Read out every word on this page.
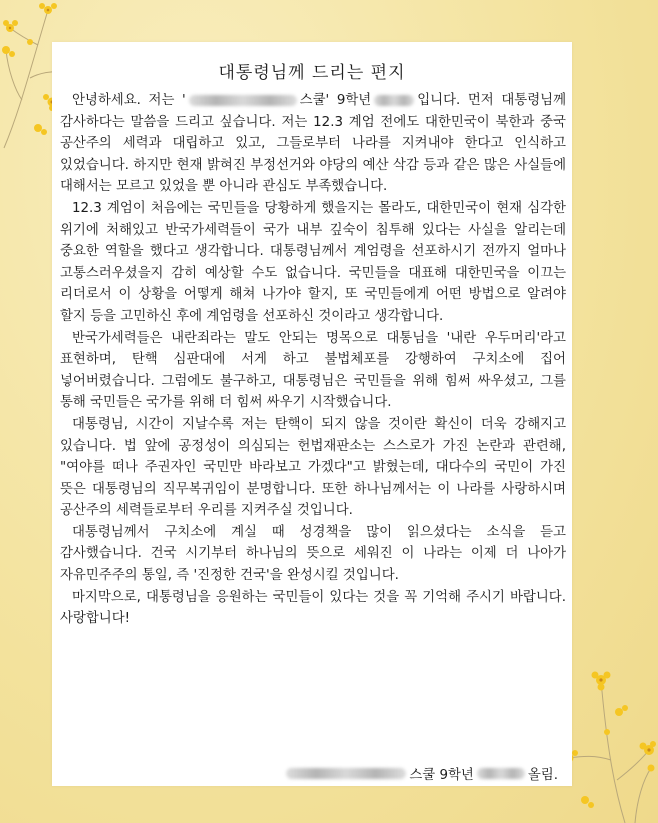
대통령님께 드리는 편지

안녕하세요. 저는 '	스쿨' 9학년	입니다. 먼저 대통령님께 감사하다는 말씀을 드리고 싶습니다. 저는 12.3 계엄 전에도 대한민국이 북한과 중국 공산주의 세력과 대립하고 있고, 그들로부터 나라를 지켜내야 한다고 인식하고 있었습니다. 하지만 현재 밝혀진 부정선거와 야당의 예산 삭감 등과 같은 많은 사실들에 대해서는 모르고 있었을 뿐 아니라 관심도 부족했습니다.

12.3 계엄이 처음에는 국민들을 당황하게 했을지는 몰라도, 대한민국이 현재 심각한 위기에 처해있고 반국가세력들이 국가 내부 깊숙이 침투해 있다는 사실을 알리는데 중요한 역할을 했다고 생각합니다. 대통령님께서 계엄령을 선포하시기 전까지 얼마나 고통스러우셨을지 감히 예상할 수도 없습니다. 국민들을 대표해 대한민국을 이끄는 리더로서 이 상황을 어떻게 해쳐 나가야 할지, 또 국민들에게 어떤 방법으로 알려야 할지 등을 고민하신 후에 계엄령을 선포하신 것이라고 생각합니다.

반국가세력들은 내란죄라는 말도 안되는 명목으로 대통님을 '내란 우두머리'라고 표현하며, 탄핵 심판대에 서게 하고 불법체포를 강행하여 구치소에 집어 넣어버렸습니다. 그럼에도 불구하고, 대통령님은 국민들을 위해 힘써 싸우셨고, 그를 통해 국민들은 국가를 위해 더 힘써 싸우기 시작했습니다.

대통령님, 시간이 지날수록 저는 탄핵이 되지 않을 것이란 확신이 더욱 강해지고 있습니다. 법 앞에 공정성이 의심되는 헌법재판소는 스스로가 가진 논란과 관련해, "여야를 떠나 주권자인 국민만 바라보고 가겠다"고 밝혔는데, 대다수의 국민이 가진 뜻은 대통령님의 직무복귀임이 분명합니다. 또한 하나님께서는 이 나라를 사랑하시며 공산주의 세력들로부터 우리를 지켜주실 것입니다.

대통령님께서 구치소에 계실 때 성경책을 많이 읽으셨다는 소식을 듣고 감사했습니다. 건국 시기부터 하나님의 뜻으로 세워진 이 나라는 이제 더 나아가 자유민주주의 통일, 즉 '진정한 건국'을 완성시킬 것입니다.

마지막으로, 대통령님을 응원하는 국민들이 있다는 것을 꼭 기억해 주시기 바랍니다. 사랑합니다!

스쿨 9학년	올림.
